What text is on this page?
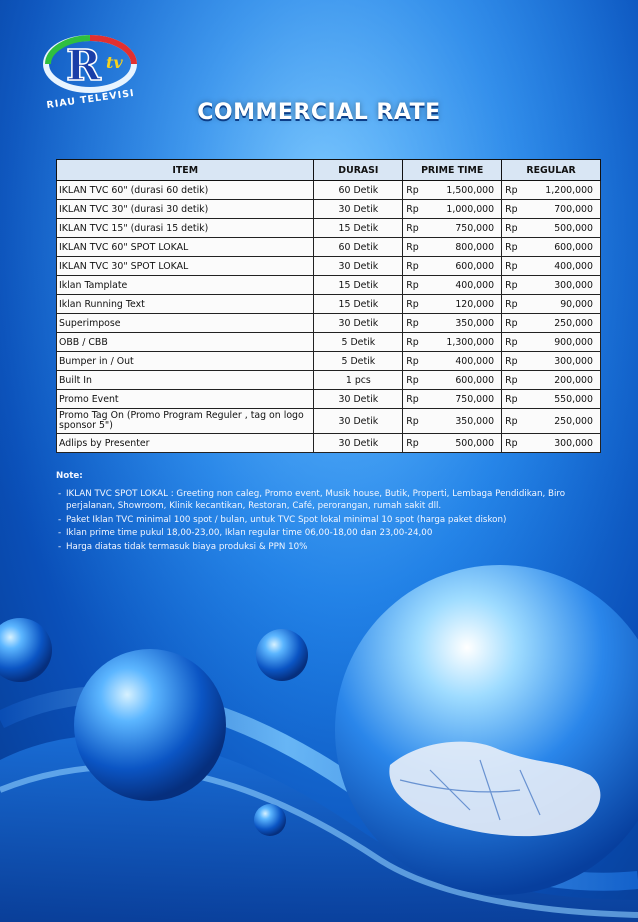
R tv
RIAU TELEVISI
COMMERCIAL RATE
ITEM	DURASI	PRIME TIME		REGULAR	
IKLAN TVC 60" (durasi 60 detik)	60 Detik	Rp	1,500,000	Rp	1,200,000
IKLAN TVC 30" (durasi 30 detik)	30 Detik	Rp	1,000,000	Rp	700,000
IKLAN TVC 15" (durasi 15 detik)	15 Detik	Rp	750,000	Rp	500,000
IKLAN TVC 60" SPOT LOKAL	60 Detik	Rp	800,000	Rp	600,000
IKLAN TVC 30" SPOT LOKAL	30 Detik	Rp	600,000	Rp	400,000
Iklan Tamplate	15 Detik	Rp	400,000	Rp	300,000
Iklan Running Text	15 Detik	Rp	120,000	Rp	90,000
Superimpose	30 Detik	Rp	350,000	Rp	250,000
OBB / CBB	5 Detik	Rp	1,300,000	Rp	900,000
Bumper in / Out	5 Detik	Rp	400,000	Rp	300,000
Built In	1 pcs	Rp	600,000	Rp	200,000
Promo Event	30 Detik	Rp	750,000	Rp	550,000
Promo Tag On (Promo Program Reguler , tag on logo sponsor 5")	30 Detik	Rp	350,000	Rp	250,000
Adlips by Presenter	30 Detik	Rp	500,000	Rp	300,000
Note:
- IKLAN TVC SPOT LOKAL : Greeting non caleg, Promo event, Musik house, Butik, Properti, Lembaga Pendidikan, Biro perjalanan, Showroom, Klinik kecantikan, Restoran, Café, perorangan, rumah sakit dll.
- Paket Iklan TVC minimal 100 spot / bulan, untuk TVC Spot lokal minimal 10 spot (harga paket diskon)
- Iklan prime time pukul 18,00-23,00, Iklan regular time 06,00-18,00 dan 23,00-24,00
- Harga diatas tidak termasuk biaya produksi & PPN 10%
